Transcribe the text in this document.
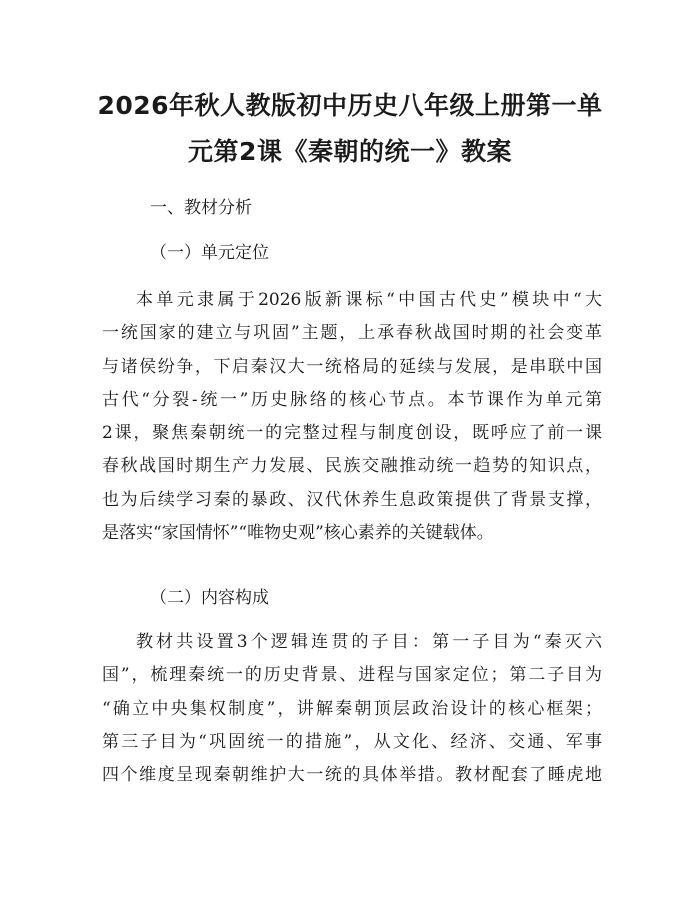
2026年秋人教版初中历史八年级上册第一单
元第2课《秦朝的统一》教案
一、教材分析
（一）单元定位
本单元隶属于2026版新课标“中国古代史”模块中“大
一统国家的建立与巩固”主题，上承春秋战国时期的社会变革
与诸侯纷争，下启秦汉大一统格局的延续与发展，是串联中国
古代“分裂-统一”历史脉络的核心节点。本节课作为单元第
2课，聚焦秦朝统一的完整过程与制度创设，既呼应了前一课
春秋战国时期生产力发展、民族交融推动统一趋势的知识点，
也为后续学习秦的暴政、汉代休养生息政策提供了背景支撑，
是落实“家国情怀”“唯物史观”核心素养的关键载体。
（二）内容构成
教材共设置3个逻辑连贯的子目：第一子目为“秦灭六
国”，梳理秦统一的历史背景、进程与国家定位；第二子目为
“确立中央集权制度”，讲解秦朝顶层政治设计的核心框架；
第三子目为“巩固统一的措施”，从文化、经济、交通、军事
四个维度呈现秦朝维护大一统的具体举措。教材配套了睡虎地
